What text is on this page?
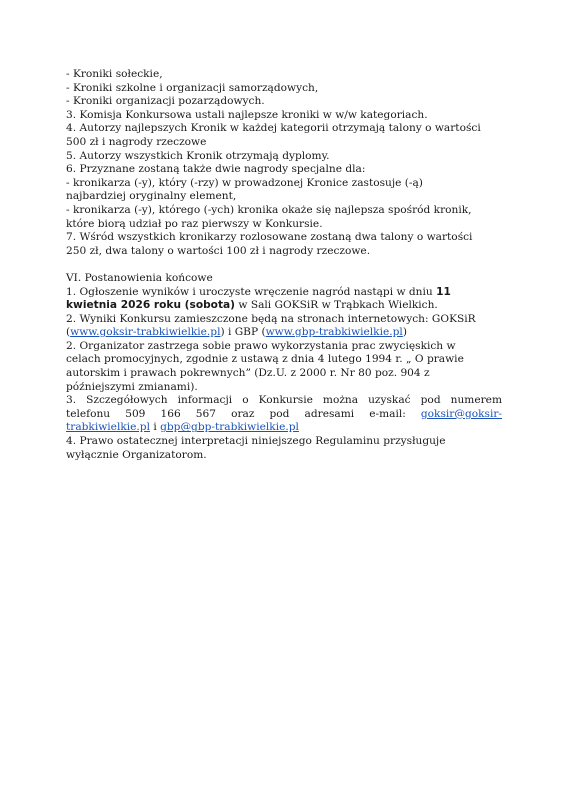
- Kroniki sołeckie,
- Kroniki szkolne i organizacji samorządowych,
- Kroniki organizacji pozarządowych.
3. Komisja Konkursowa ustali najlepsze kroniki w w/w kategoriach.
4. Autorzy najlepszych Kronik w każdej kategorii otrzymają talony o wartości
500 zł i nagrody rzeczowe
5. Autorzy wszystkich Kronik otrzymają dyplomy.
6. Przyznane zostaną także dwie nagrody specjalne dla:
- kronikarza (-y), który (-rzy) w prowadzonej Kronice zastosuje (-ą)
najbardziej oryginalny element,
- kronikarza (-y), którego (-ych) kronika okaże się najlepsza spośród kronik,
które biorą udział po raz pierwszy w Konkursie.
7. Wśród wszystkich kronikarzy rozlosowane zostaną dwa talony o wartości
250 zł, dwa talony o wartości 100 zł i nagrody rzeczowe.
VI. Postanowienia końcowe
1. Ogłoszenie wyników i uroczyste wręczenie nagród nastąpi w dniu 11
kwietnia 2026 roku (sobota) w Sali GOKSiR w Trąbkach Wielkich.
2. Wyniki Konkursu zamieszczone będą na stronach internetowych: GOKSiR
(www.goksir-trabkiwielkie.pl) i GBP (www.gbp-trabkiwielkie.pl)
2. Organizator zastrzega sobie prawo wykorzystania prac zwycięskich w
celach promocyjnych, zgodnie z ustawą z dnia 4 lutego 1994 r. „ O prawie
autorskim i prawach pokrewnych” (Dz.U. z 2000 r. Nr 80 poz. 904 z
późniejszymi zmianami).
3. Szczegółowych informacji o Konkursie można uzyskać pod numerem
telefonu 509 166 567 oraz pod adresami e-mail: goksir@goksir-
trabkiwielkie.pl i gbp@gbp-trabkiwielkie.pl
4. Prawo ostatecznej interpretacji niniejszego Regulaminu przysługuje
wyłącznie Organizatorom.
